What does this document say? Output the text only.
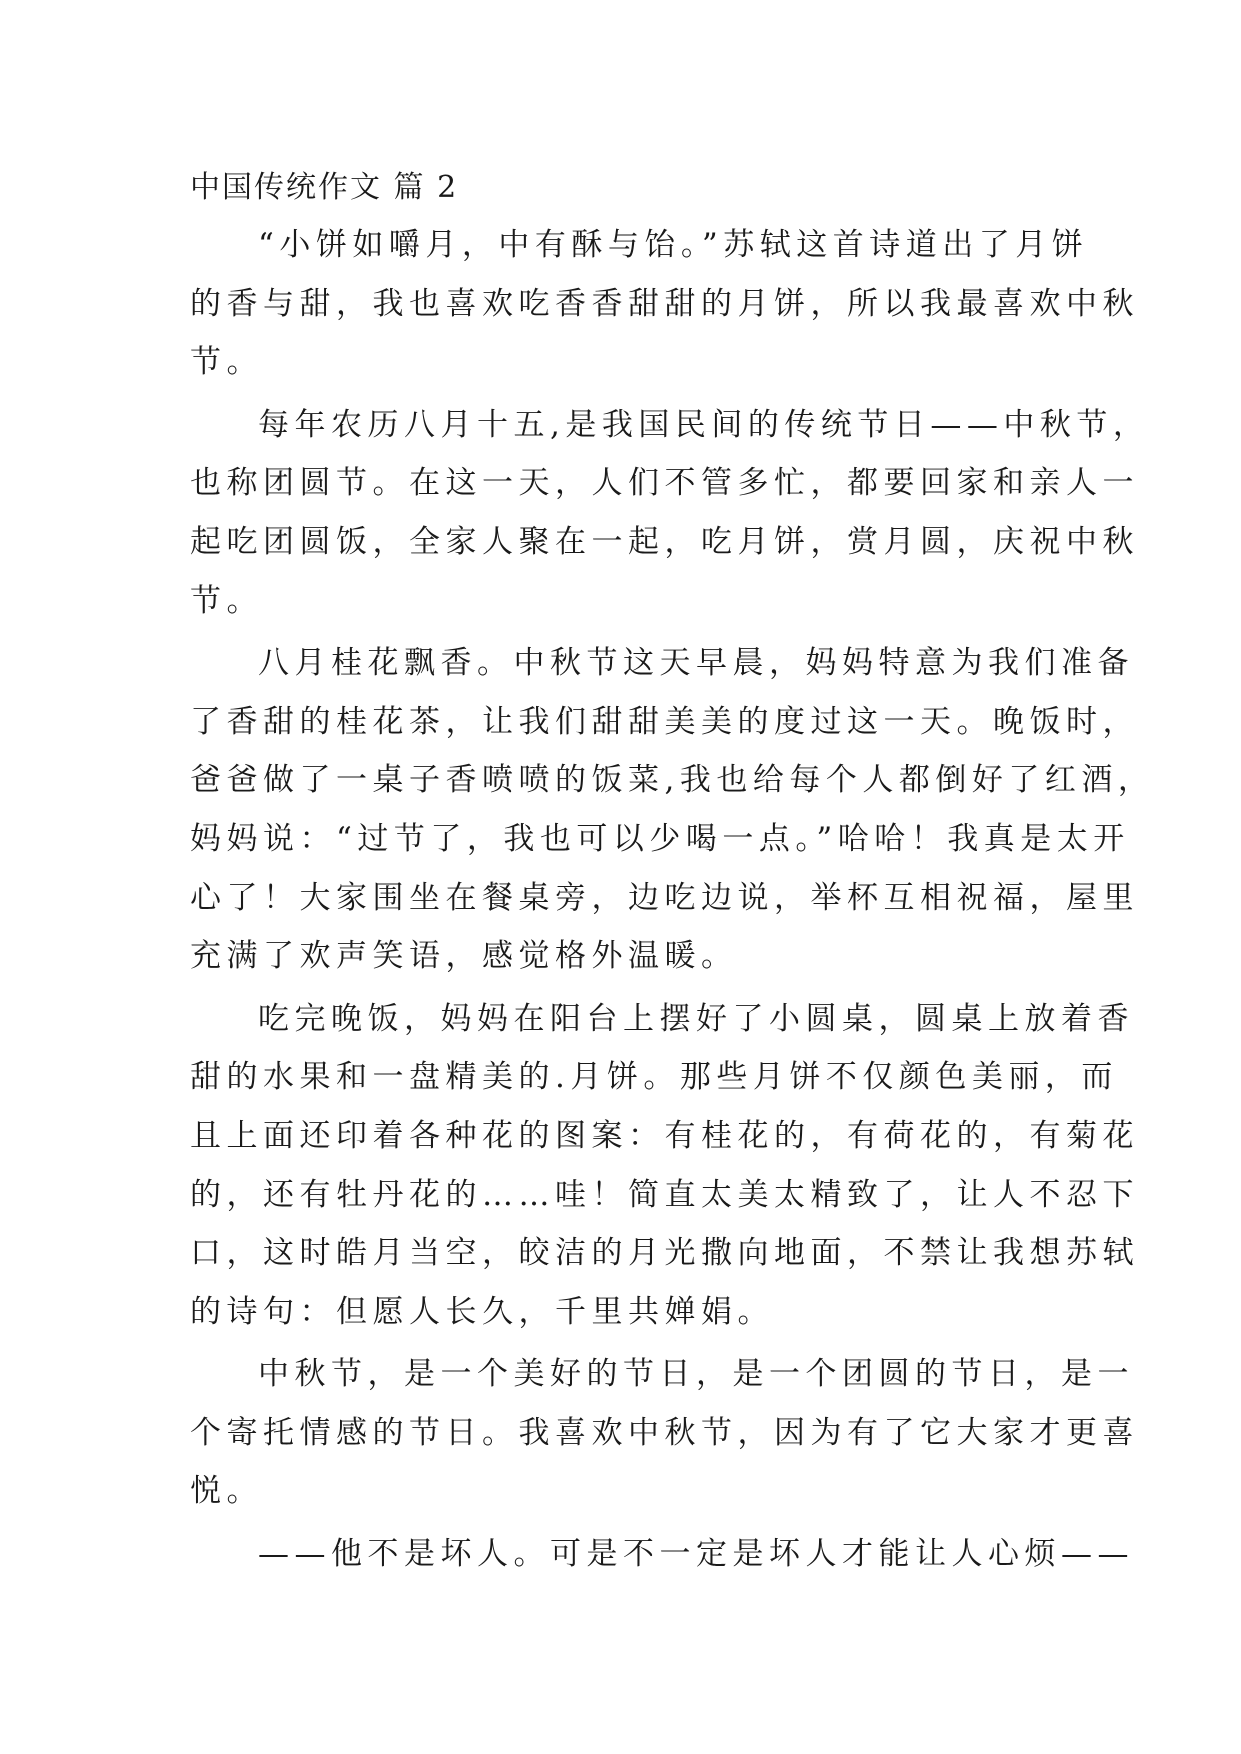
中国传统作文 篇 2
“小饼如嚼月，中有酥与饴。”苏轼这首诗道出了月饼
的香与甜，我也喜欢吃香香甜甜的月饼，所以我最喜欢中秋
节。
每年农历八月十五,是我国民间的传统节日——中秋节，
也称团圆节。在这一天，人们不管多忙，都要回家和亲人一
起吃团圆饭，全家人聚在一起，吃月饼，赏月圆，庆祝中秋
节。
八月桂花飘香。中秋节这天早晨，妈妈特意为我们准备
了香甜的桂花茶，让我们甜甜美美的度过这一天。晚饭时，
爸爸做了一桌子香喷喷的饭菜,我也给每个人都倒好了红酒，
妈妈说：“过节了，我也可以少喝一点。”哈哈！我真是太开
心了！大家围坐在餐桌旁，边吃边说，举杯互相祝福，屋里
充满了欢声笑语，感觉格外温暖。
吃完晚饭，妈妈在阳台上摆好了小圆桌，圆桌上放着香
甜的水果和一盘精美的.月饼。那些月饼不仅颜色美丽，而
且上面还印着各种花的图案：有桂花的，有荷花的，有菊花
的，还有牡丹花的……哇！简直太美太精致了，让人不忍下
口，这时皓月当空，皎洁的月光撒向地面，不禁让我想苏轼
的诗句：但愿人长久，千里共婵娟。
中秋节，是一个美好的节日，是一个团圆的节日，是一
个寄托情感的节日。我喜欢中秋节，因为有了它大家才更喜
悦。
——他不是坏人。可是不一定是坏人才能让人心烦——
